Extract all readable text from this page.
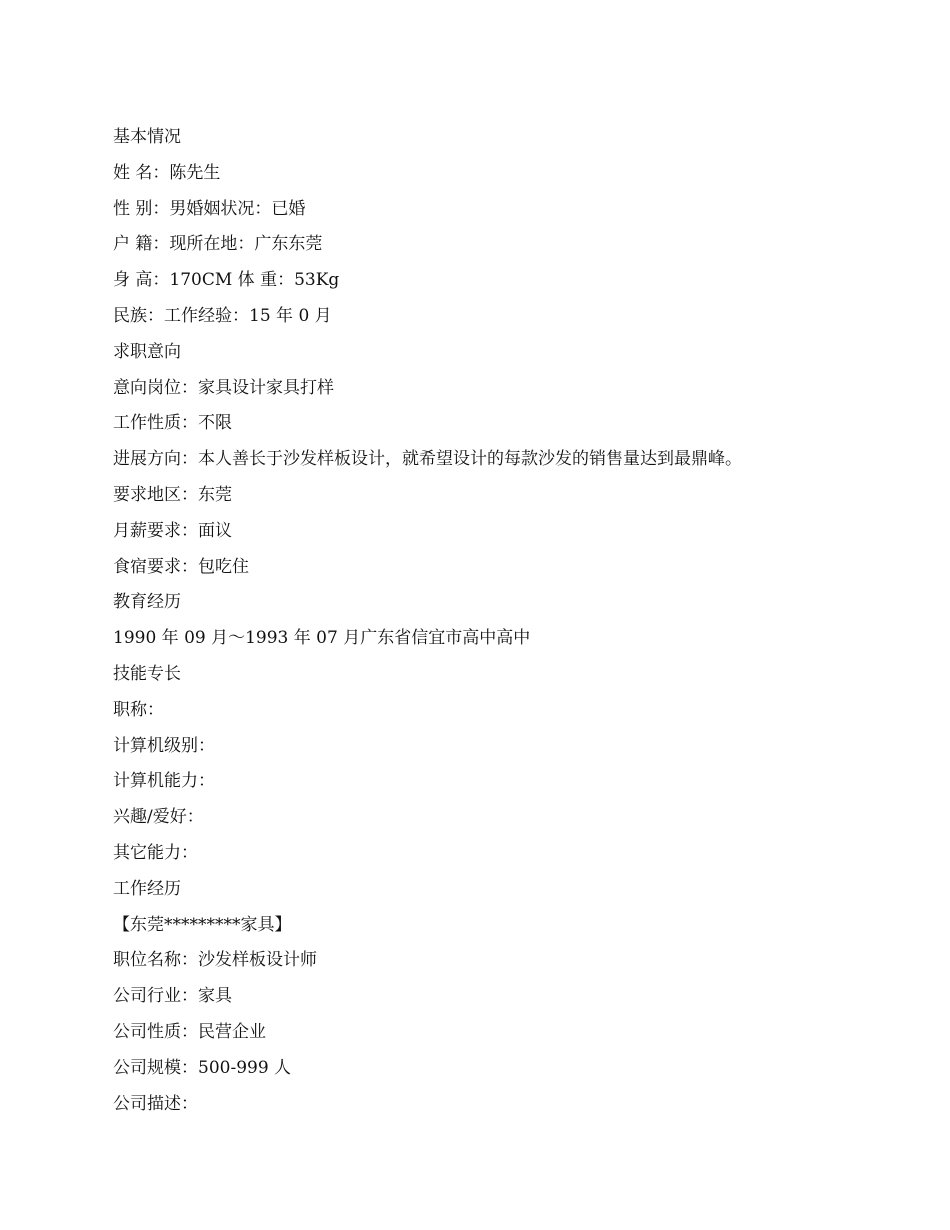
基本情况
姓 名：陈先生
性 别：男婚姻状况：已婚
户 籍：现所在地：广东东莞
身 高：170CM 体 重：53Kg
民族：工作经验：15 年 0 月
求职意向
意向岗位：家具设计家具打样
工作性质：不限
进展方向：本人善长于沙发样板设计，就希望设计的每款沙发的销售量达到最鼎峰。
要求地区：东莞
月薪要求：面议
食宿要求：包吃住
教育经历
1990 年 09 月～1993 年 07 月广东省信宜市高中高中
技能专长
职称：
计算机级别：
计算机能力：
兴趣/爱好：
其它能力：
工作经历
【东莞*********家具】
职位名称：沙发样板设计师
公司行业：家具
公司性质：民营企业
公司规模：500-999 人
公司描述：
